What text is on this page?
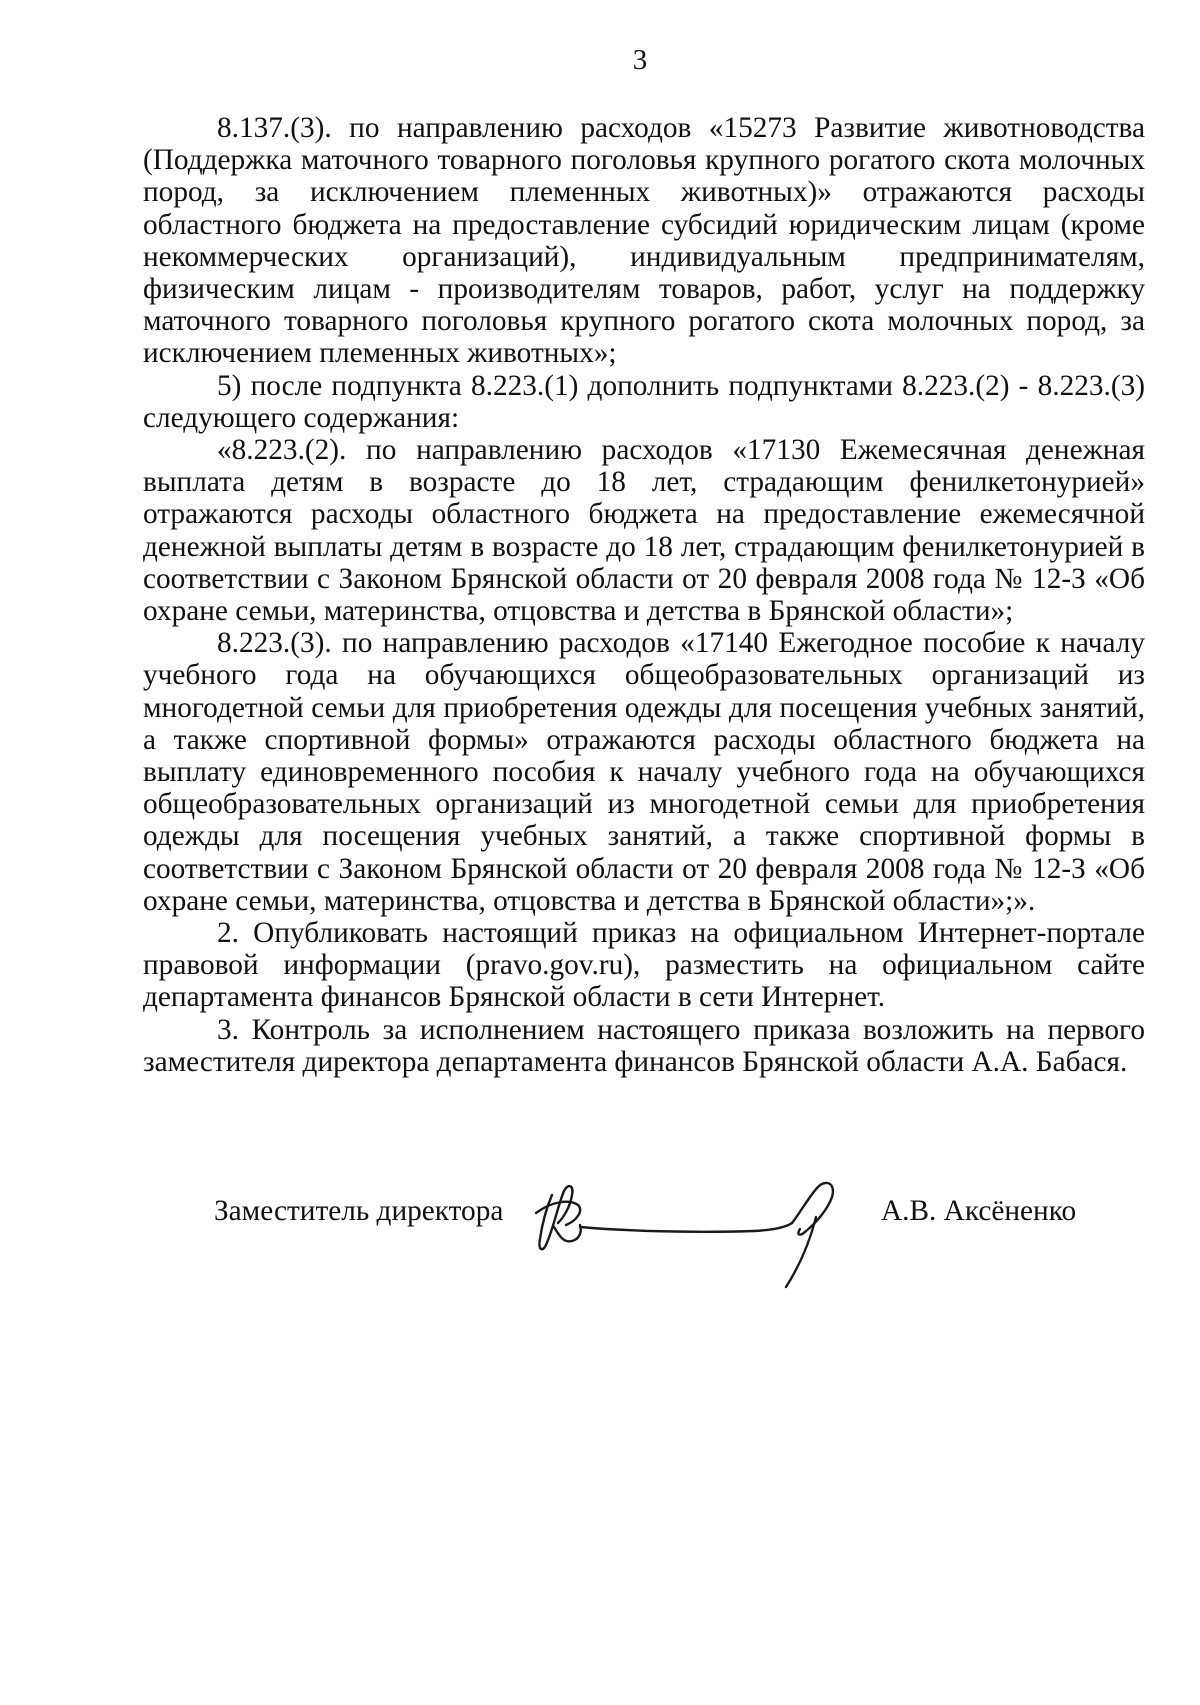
3

8.137.(3). по направлению расходов «15273 Развитие животноводства (Поддержка маточного товарного поголовья крупного рогатого скота молочных пород, за исключением племенных животных)» отражаются расходы областного бюджета на предоставление субсидий юридическим лицам (кроме некоммерческих организаций), индивидуальным предпринимателям, физическим лицам - производителям товаров, работ, услуг на поддержку маточного товарного поголовья крупного рогатого скота молочных пород, за исключением племенных животных»;

5) после подпункта 8.223.(1) дополнить подпунктами 8.223.(2) - 8.223.(3) следующего содержания:

«8.223.(2). по направлению расходов «17130 Ежемесячная денежная выплата детям в возрасте до 18 лет, страдающим фенилкетонурией» отражаются расходы областного бюджета на предоставление ежемесячной денежной выплаты детям в возрасте до 18 лет, страдающим фенилкетонурией в соответствии с Законом Брянской области от 20 февраля 2008 года № 12-З «Об охране семьи, материнства, отцовства и детства в Брянской области»;

8.223.(3). по направлению расходов «17140 Ежегодное пособие к началу учебного года на обучающихся общеобразовательных организаций из многодетной семьи для приобретения одежды для посещения учебных занятий, а также спортивной формы» отражаются расходы областного бюджета на выплату единовременного пособия к началу учебного года на обучающихся общеобразовательных организаций из многодетной семьи для приобретения одежды для посещения учебных занятий, а также спортивной формы в соответствии с Законом Брянской области от 20 февраля 2008 года № 12-З «Об охране семьи, материнства, отцовства и детства в Брянской области»;».

2. Опубликовать настоящий приказ на официальном Интернет-портале правовой информации (pravo.gov.ru), разместить на официальном сайте департамента финансов Брянской области в сети Интернет.

3. Контроль за исполнением настоящего приказа возложить на первого заместителя директора департамента финансов Брянской области А.А. Бабася.

Заместитель директора	А.В. Аксёненко
